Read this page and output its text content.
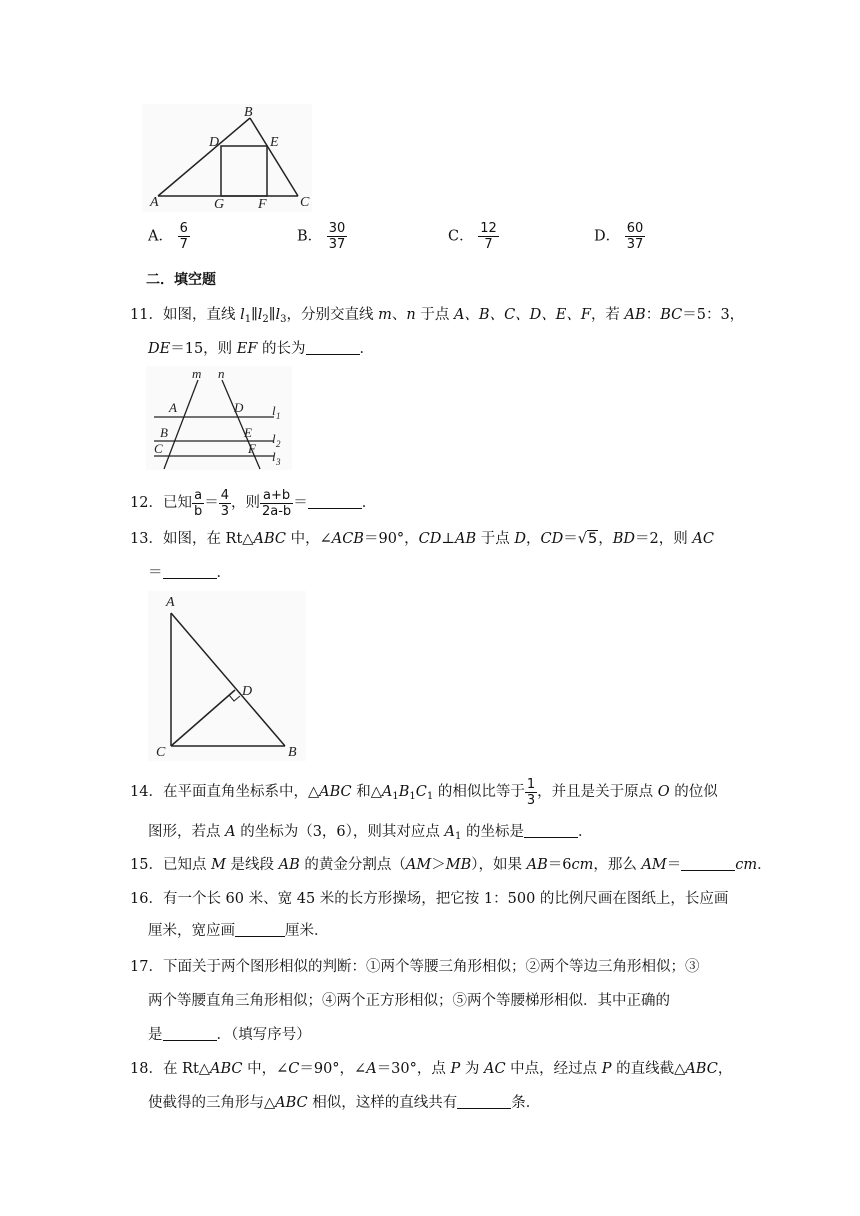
A
B
C
D	E
F
G
A． $\frac{6}{7}$	B． $\frac{30}{37}$	C． $\frac{12}{7}$	D． $\frac{60}{37}$
二．填空题
11．如图，直线 $l_1\parallel l_2\parallel l_3$，分别交直线 m、n 于点 A、B、C、D、E、F，若 AB：BC＝5：3，
DE＝15，则 EF 的长为	．
m n
A	D
B	E
C	F
l 1
l 2
l 3
12．已知 $\frac{a}{b} = \frac{4}{3}$ ，则 $\frac{a+b}{2a-b}$ ＝	．
13．如图，在 Rt△ABC 中，∠ACB＝90°，CD⊥AB 于点 D，CD＝√5，BD＝2，则 AC
＝	．
A
D
C	B
14．在平面直角坐标系中，△ABC 和$\triangle A_1B_1C_1$ 的相似比等于 $\frac{1}{3}$ ，并且是关于原点 O 的位似
图形，若点 A 的坐标为（3，6），则其对应点 $A_1$ 的坐标是	．
15．已知点 M 是线段 AB 的黄金分割点（AM＞MB），如果 AB＝6cm，那么 AM＝	cm．
16．有一个长 60 米、宽 45 米的长方形操场，把它按 1：500 的比例尺画在图纸上，长应画
厘米，宽应画	厘米．
17．下面关于两个图形相似的判断：①两个等腰三角形相似；②两个等边三角形相似；③
两个等腰直角三角形相似；④两个正方形相似；⑤两个等腰梯形相似．其中正确的
是	．（填写序号）
18．在 Rt△ABC 中，∠C＝90°，∠A＝30°，点 P 为 AC 中点，经过点 P 的直线截△ABC，
使截得的三角形与△ABC 相似，这样的直线共有	条．
